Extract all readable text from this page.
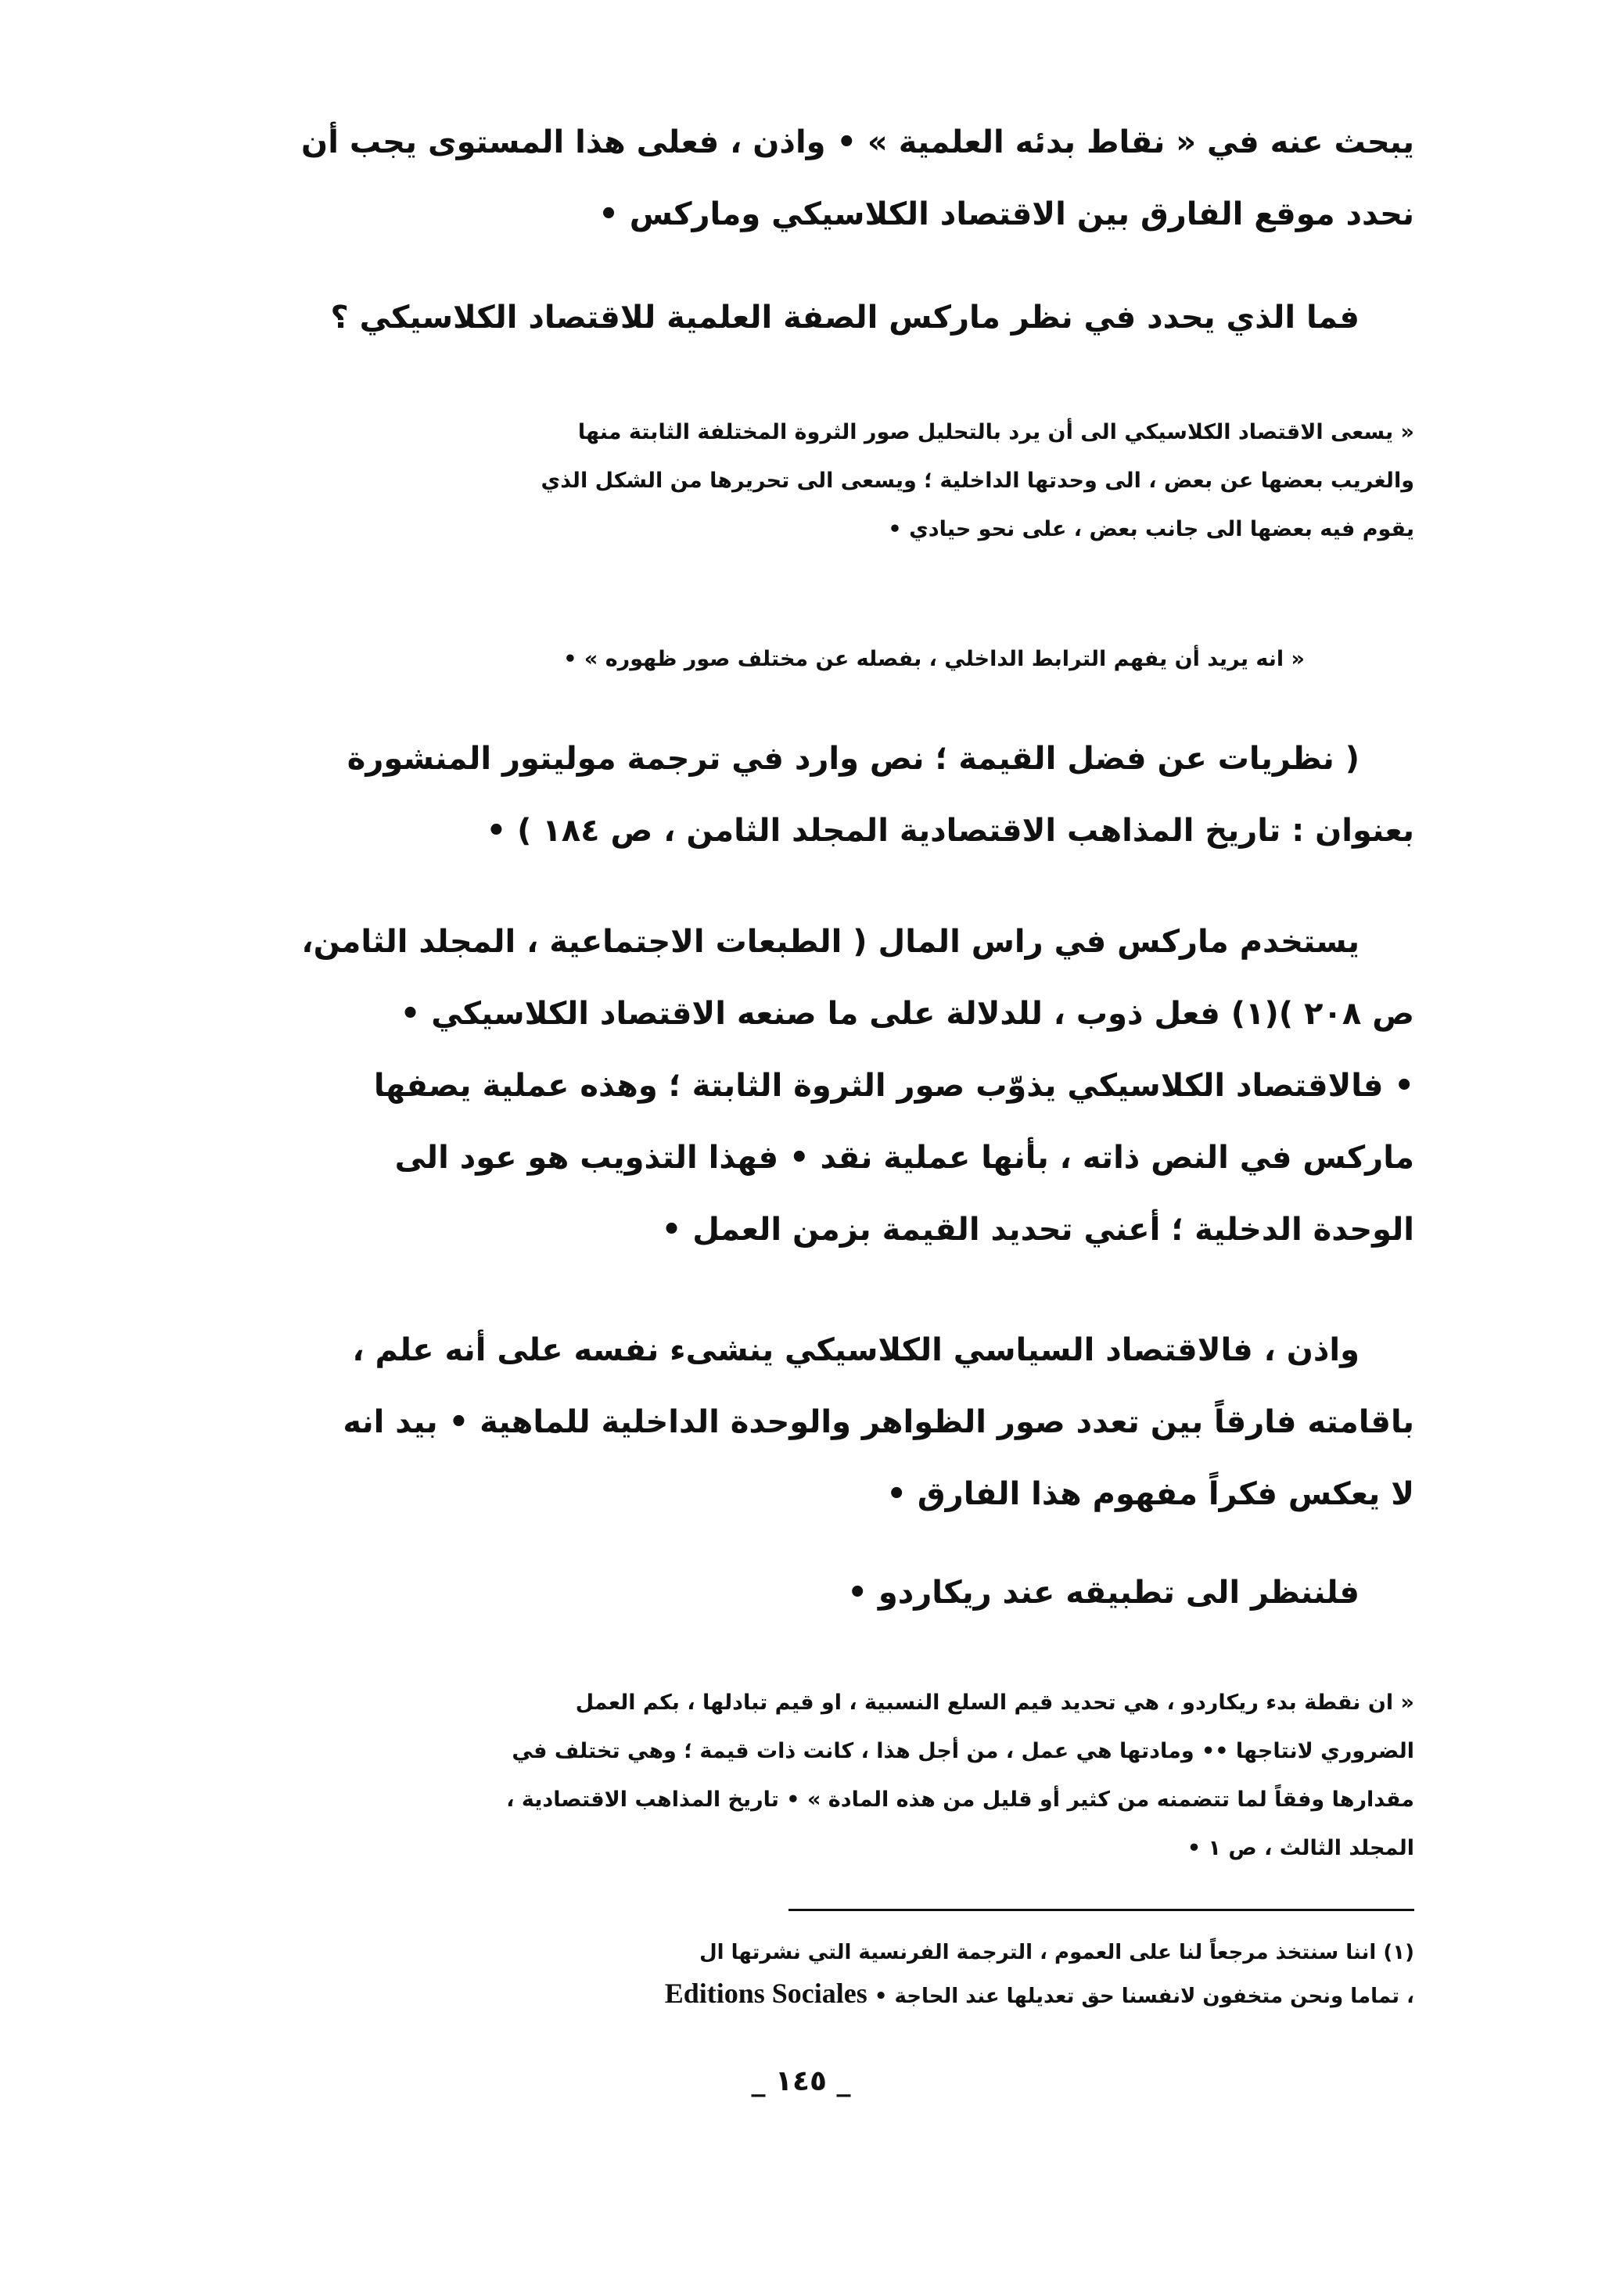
يبحث عنه في « نقاط بدئه العلمية » • واذن ، فعلى هذا المستوى يجب أن
نحدد موقع الفارق بين الاقتصاد الكلاسيكي وماركس •
فما الذي يحدد في نظر ماركس الصفة العلمية للاقتصاد الكلاسيكي ؟
« يسعى الاقتصاد الكلاسيكي الى أن يرد بالتحليل صور الثروة المختلفة الثابتة منها
والغريب بعضها عن بعض ، الى وحدتها الداخلية ؛ ويسعى الى تحريرها من الشكل الذي
يقوم فيه بعضها الى جانب بعض ، على نحو حيادي •
« انه يريد أن يفهم الترابط الداخلي ، بفصله عن مختلف صور ظهوره » •
( نظريات عن فضل القيمة ؛ نص وارد في ترجمة موليتور المنشورة
بعنوان : تاريخ المذاهب الاقتصادية المجلد الثامن ، ص ١٨٤ ) •
يستخدم ماركس في راس المال ( الطبعات الاجتماعية ، المجلد الثامن،
ص ٢٠٨ )(١) فعل ذوب ، للدلالة على ما صنعه الاقتصاد الكلاسيكي •
• فالاقتصاد الكلاسيكي يذوّب صور الثروة الثابتة ؛ وهذه عملية يصفها
ماركس في النص ذاته ، بأنها عملية نقد • فهذا التذويب هو عود الى
الوحدة الدخلية ؛ أعني تحديد القيمة بزمن العمل •
واذن ، فالاقتصاد السياسي الكلاسيكي ينشىء نفسه على أنه علم ،
باقامته فارقاً بين تعدد صور الظواهر والوحدة الداخلية للماهية • بيد انه
لا يعكس فكراً مفهوم هذا الفارق •
فلننظر الى تطبيقه عند ريكاردو •
« ان نقطة بدء ريكاردو ، هي تحديد قيم السلع النسبية ، او قيم تبادلها ، بكم العمل
الضروري لانتاجها •• ومادتها هي عمل ، من أجل هذا ، كانت ذات قيمة ؛ وهي تختلف في
مقدارها وفقاً لما تتضمنه من كثير أو قليل من هذه المادة » • تاريخ المذاهب الاقتصادية ،
المجلد الثالث ، ص ١ •
(١) اننا سنتخذ مرجعاً لنا على العموم ، الترجمة الفرنسية التي نشرتها ال
، تماما ونحن متخفون لانفسنا حق تعديلها عند الحاجة • Editions Sociales
_ ١٤٥ _
